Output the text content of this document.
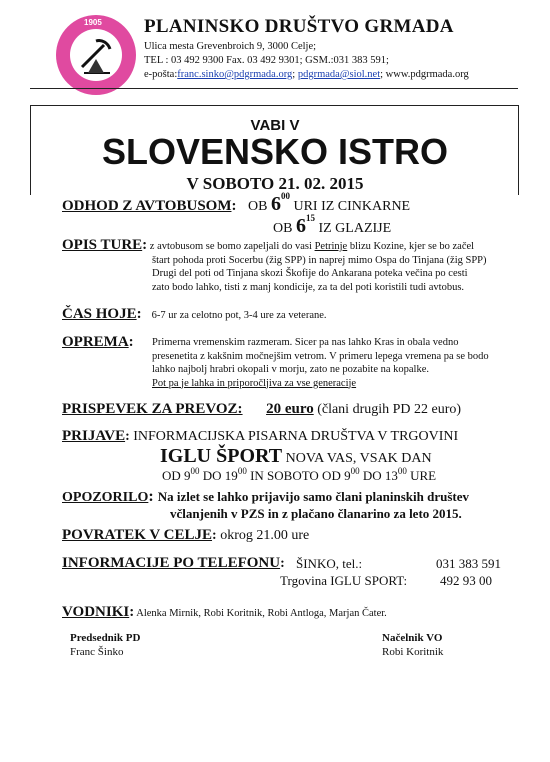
1905 PLANINSKO DRUŠTVO GRMADA
Ulica mesta Grevenbroich 9, 3000 Celje;
TEL : 03 492 9300 Fax. 03 492 9301; GSM.:031 383 591;
e-pošta:franc.sinko@pdgrmada.org; pdgrmada@siol.net; www.pdgrmada.org
VABI V
SLOVENSKO ISTRO
V SOBOTO 21. 02. 2015
ODHOD Z AVTOBUSOM: OB $6^{00}$ URI IZ CINKARNE
OB $6^{15}$ IZ GLAZIJE
OPIS TURE: z avtobusom se bomo zapeljali do vasi Petrinje blizu Kozine, kjer se bo začel
štart pohoda proti Socerbu (žig SPP) in naprej mimo Ospa do Tinjana (žig SPP)
Drugi del poti od Tinjana skozi Škofije do Ankarana poteka večina po cesti
zato bodo lahko, tisti z manj kondicije, za ta del poti koristili tudi avtobus.
ČAS HOJE: 6-7 ur za celotno pot, 3-4 ure za veterane.
OPREMA: Primerna vremenskim razmeram. Sicer pa nas lahko Kras in obala vedno
presenetita z kakšnim močnejšim vetrom. V primeru lepega vremena pa se bodo
lahko najbolj hrabri okopali v morju, zato ne pozabite na kopalke.
Pot pa je lahka in priporočljiva za vse generacije
PRISPEVEK ZA PREVOZ: 20 euro (člani drugih PD 22 euro)
PRIJAVE: INFORMACIJSKA PISARNA DRUŠTVA V TRGOVINI
IGLU ŠPORT NOVA VAS, VSAK DAN
OD $9^{00}$ DO $19^{00}$ IN SOBOTO OD $9^{00}$ DO $13^{00}$ URE
OPOZORILO: Na izlet se lahko prijavijo samo člani planinskih društev
včlanjenih v PZS in z plačano članarino za leto 2015.
POVRATEK V CELJE: okrog 21.00 ure
INFORMACIJE PO TELEFONU: ŠINKO, tel.:	031 383 591
Trgovina IGLU SPORT:	492 93 00
VODNIKI: Alenka Mirnik, Robi Koritnik, Robi Antloga, Marjan Čater.
Predsednik PD
Franc Šinko
Načelnik VO
Robi Koritnik
